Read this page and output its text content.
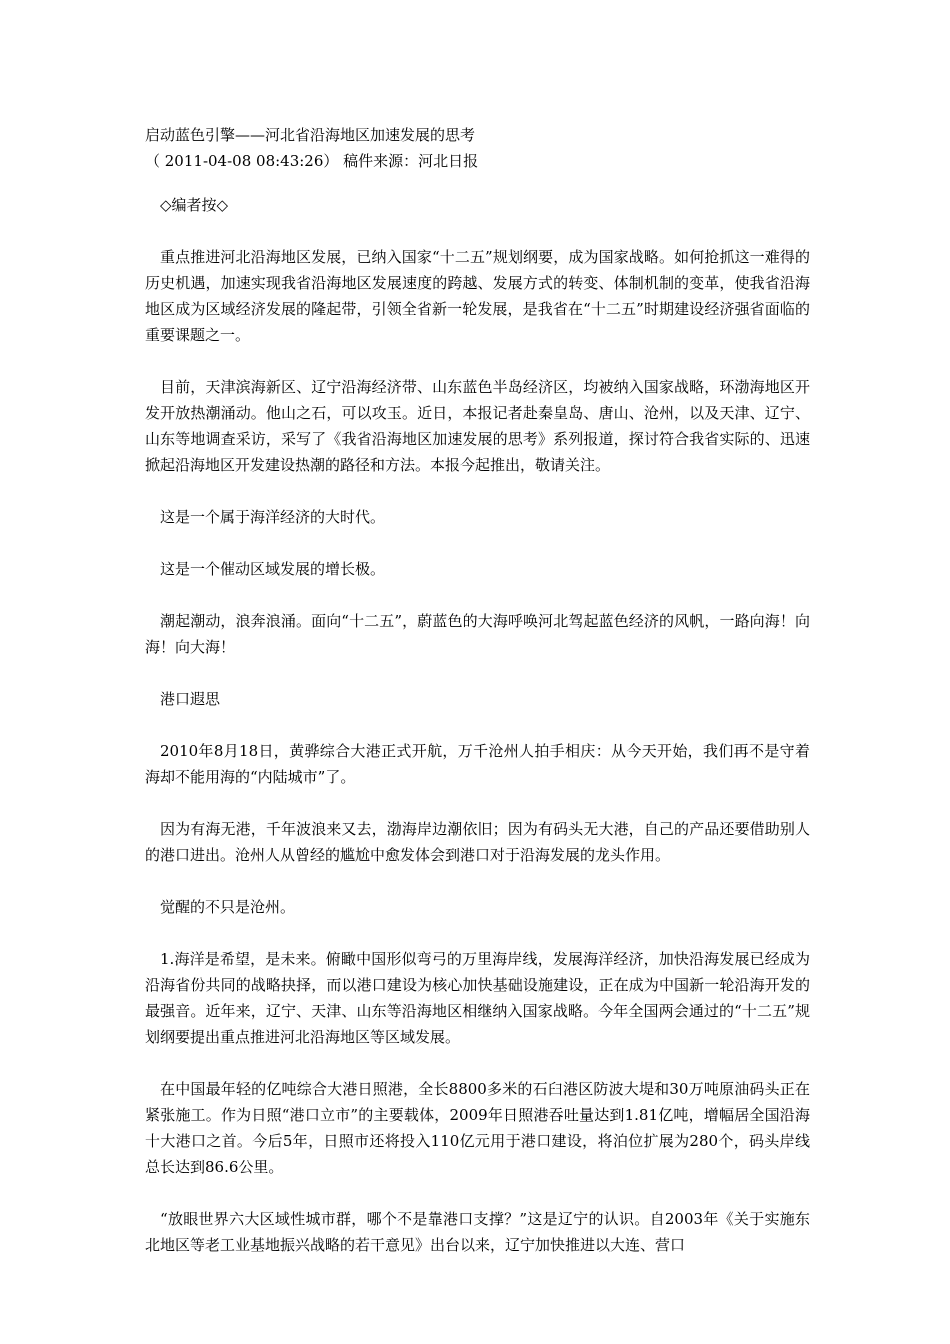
启动蓝色引擎——河北省沿海地区加速发展的思考

（ 2011-04-08 08:43:26） 稿件来源：河北日报

◇编者按◇

重点推进河北沿海地区发展，已纳入国家“十二五”规划纲要，成为国家战略。如何抢抓这一难得的历史机遇，加速实现我省沿海地区发展速度的跨越、发展方式的转变、体制机制的变革，使我省沿海地区成为区域经济发展的隆起带，引领全省新一轮发展，是我省在“十二五”时期建设经济强省面临的重要课题之一。

目前，天津滨海新区、辽宁沿海经济带、山东蓝色半岛经济区，均被纳入国家战略，环渤海地区开发开放热潮涌动。他山之石，可以攻玉。近日，本报记者赴秦皇岛、唐山、沧州，以及天津、辽宁、山东等地调查采访，采写了《我省沿海地区加速发展的思考》系列报道，探讨符合我省实际的、迅速掀起沿海地区开发建设热潮的路径和方法。本报今起推出，敬请关注。

这是一个属于海洋经济的大时代。

这是一个催动区域发展的增长极。

潮起潮动，浪奔浪涌。面向“十二五”，蔚蓝色的大海呼唤河北驾起蓝色经济的风帆，一路向海！向海！向大海！

港口遐思

2010年8月18日，黄骅综合大港正式开航，万千沧州人拍手相庆：从今天开始，我们再不是守着海却不能用海的“内陆城市”了。

因为有海无港，千年波浪来又去，渤海岸边潮依旧；因为有码头无大港，自己的产品还要借助别人的港口进出。沧州人从曾经的尴尬中愈发体会到港口对于沿海发展的龙头作用。

觉醒的不只是沧州。

1.海洋是希望，是未来。俯瞰中国形似弯弓的万里海岸线，发展海洋经济，加快沿海发展已经成为沿海省份共同的战略抉择，而以港口建设为核心加快基础设施建设，正在成为中国新一轮沿海开发的最强音。近年来，辽宁、天津、山东等沿海地区相继纳入国家战略。今年全国两会通过的“十二五”规划纲要提出重点推进河北沿海地区等区域发展。

在中国最年轻的亿吨综合大港日照港，全长8800多米的石臼港区防波大堤和30万吨原油码头正在紧张施工。作为日照“港口立市”的主要载体，2009年日照港吞吐量达到1.81亿吨，增幅居全国沿海十大港口之首。今后5年，日照市还将投入110亿元用于港口建设，将泊位扩展为280个，码头岸线总长达到86.6公里。

“放眼世界六大区域性城市群，哪个不是靠港口支撑？”这是辽宁的认识。自2003年《关于实施东北地区等老工业基地振兴战略的若干意见》出台以来，辽宁加快推进以大连、营口
